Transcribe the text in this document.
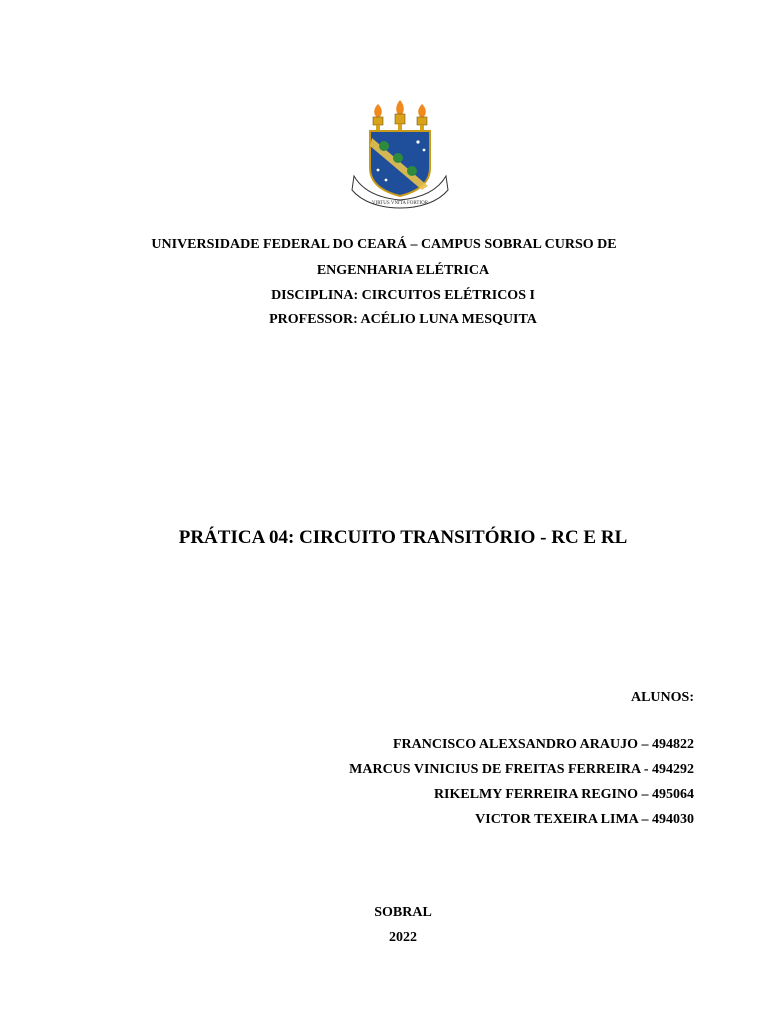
VIRTUS VNITA FORTIOR
UNIVERSIDADE FEDERAL DO CEARÁ – CAMPUS SOBRAL CURSO DE
ENGENHARIA ELÉTRICA
DISCIPLINA: CIRCUITOS ELÉTRICOS I
PROFESSOR: ACÉLIO LUNA MESQUITA
PRÁTICA 04: CIRCUITO TRANSITÓRIO - RC E RL
ALUNOS:
FRANCISCO ALEXSANDRO ARAUJO – 494822
MARCUS VINICIUS DE FREITAS FERREIRA - 494292
RIKELMY FERREIRA REGINO – 495064
VICTOR TEXEIRA LIMA – 494030
SOBRAL
2022
